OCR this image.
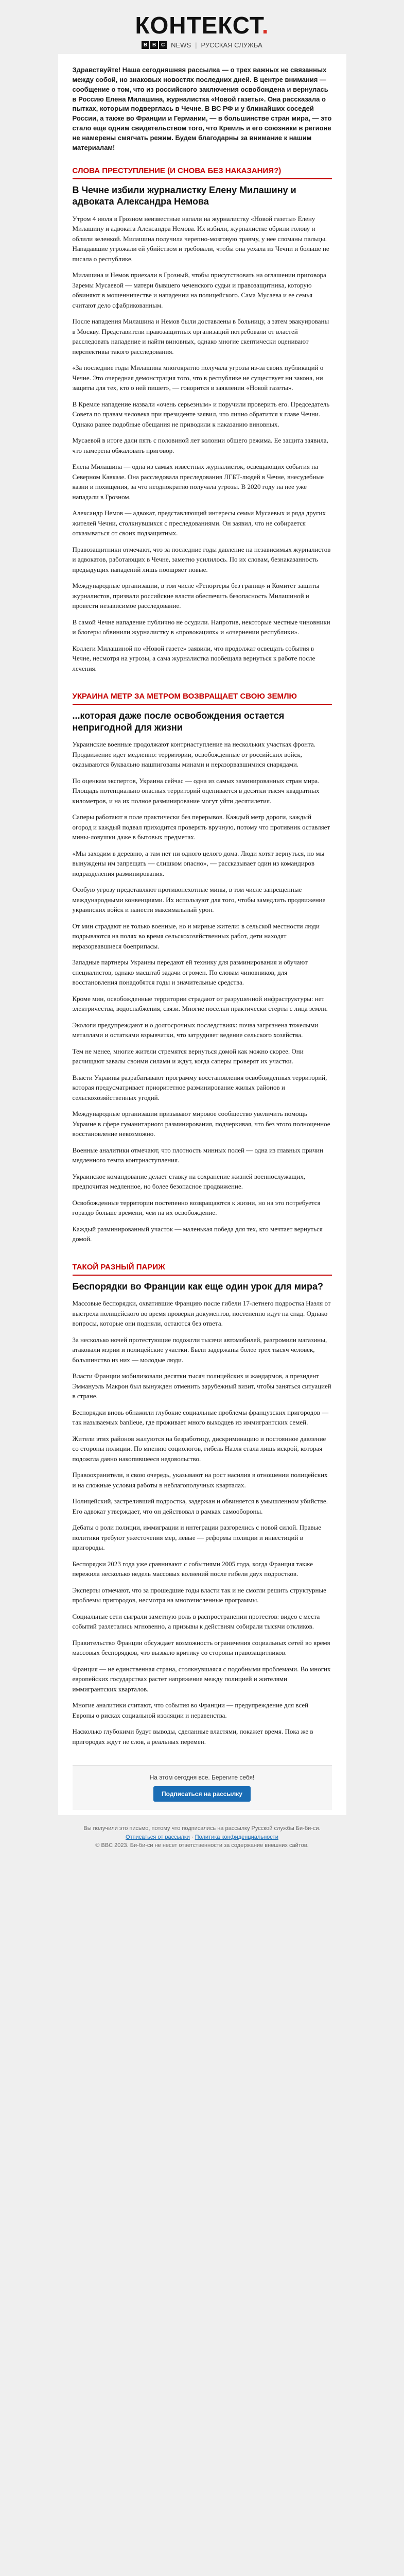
КОНТЕКСТ.
B B C NEWS | РУССКАЯ СЛУЖБА

Здравствуйте! Наша сегодняшняя рассылка — о трех важных не связанных между собой, но знаковых новостях последних дней. В центре внимания — сообщение о том, что из российского заключения освобождена и вернулась в Россию Елена Милашина, журналистка «Новой газеты». Она рассказала о пытках, которым подверглась в Чечне. В ВС РФ и у ближайших соседей России, а также во Франции и Германии, — в большинстве стран мира, — это стало еще одним свидетельством того, что Кремль и его союзники в регионе не намерены смягчать режим. Будем благодарны за внимание к нашим материалам!

СЛОВА ПРЕСТУПЛЕНИЕ (И СНОВА БЕЗ НАКАЗАНИЯ?)
В Чечне избили журналистку Елену Милашину и адвоката Александра Немова

Утром 4 июля в Грозном неизвестные напали на журналистку «Новой газеты» Елену Милашину и адвоката Александра Немова. Их избили, журналистке обрили голову и облили зеленкой. Милашина получила черепно-мозговую травму, у нее сломаны пальцы. Нападавшие угрожали ей убийством и требовали, чтобы она уехала из Чечни и больше не писала о республике.

Милашина и Немов приехали в Грозный, чтобы присутствовать на оглашении приговора Заремы Мусаевой — матери бывшего чеченского судьи и правозащитника, которую обвиняют в мошенничестве и нападении на полицейского. Сама Мусаева и ее семья считают дело сфабрикованным.

После нападения Милашина и Немов были доставлены в больницу, а затем эвакуированы в Москву. Представители правозащитных организаций потребовали от властей расследовать нападение и найти виновных, однако многие скептически оценивают перспективы такого расследования.

«За последние годы Милашина многократно получала угрозы из-за своих публикаций о Чечне. Это очередная демонстрация того, что в республике не существует ни закона, ни защиты для тех, кто о ней пишет», — говорится в заявлении «Новой газеты».

В Кремле нападение назвали «очень серьезным» и поручили проверить его. Председатель Совета по правам человека при президенте заявил, что лично обратится к главе Чечни. Однако ранее подобные обещания не приводили к наказанию виновных.

Мусаевой в итоге дали пять с половиной лет колонии общего режима. Ее защита заявила, что намерена обжаловать приговор.

Елена Милашина — одна из самых известных журналисток, освещающих события на Северном Кавказе. Она расследовала преследования ЛГБТ-людей в Чечне, внесудебные казни и похищения, за что неоднократно получала угрозы. В 2020 году на нее уже нападали в Грозном.

Александр Немов — адвокат, представляющий интересы семьи Мусаевых и ряда других жителей Чечни, столкнувшихся с преследованиями. Он заявил, что не собирается отказываться от своих подзащитных.

Правозащитники отмечают, что за последние годы давление на независимых журналистов и адвокатов, работающих в Чечне, заметно усилилось. По их словам, безнаказанность предыдущих нападений лишь поощряет новые.

Международные организации, в том числе «Репортеры без границ» и Комитет защиты журналистов, призвали российские власти обеспечить безопасность Милашиной и провести независимое расследование.

В самой Чечне нападение публично не осудили. Напротив, некоторые местные чиновники и блогеры обвинили журналистку в «провокациях» и «очернении республики».

Коллеги Милашиной по «Новой газете» заявили, что продолжат освещать события в Чечне, несмотря на угрозы, а сама журналистка пообещала вернуться к работе после лечения.

УКРАИНА МЕТР ЗА МЕТРОМ ВОЗВРАЩАЕТ СВОЮ ЗЕМЛЮ
...которая даже после освобождения остается непригодной для жизни

Украинские военные продолжают контрнаступление на нескольких участках фронта. Продвижение идет медленно: территории, освобожденные от российских войск, оказываются буквально нашпигованы минами и неразорвавшимися снарядами.

По оценкам экспертов, Украина сейчас — одна из самых заминированных стран мира. Площадь потенциально опасных территорий оценивается в десятки тысяч квадратных километров, и на их полное разминирование могут уйти десятилетия.

Саперы работают в поле практически без перерывов. Каждый метр дороги, каждый огород и каждый подвал приходится проверять вручную, потому что противник оставляет мины-ловушки даже в бытовых предметах.

«Мы заходим в деревню, а там нет ни одного целого дома. Люди хотят вернуться, но мы вынуждены им запрещать — слишком опасно», — рассказывает один из командиров подразделения разминирования.

Особую угрозу представляют противопехотные мины, в том числе запрещенные международными конвенциями. Их используют для того, чтобы замедлить продвижение украинских войск и нанести максимальный урон.

От мин страдают не только военные, но и мирные жители: в сельской местности люди подрываются на полях во время сельскохозяйственных работ, дети находят неразорвавшиеся боеприпасы.

Западные партнеры Украины передают ей технику для разминирования и обучают специалистов, однако масштаб задачи огромен. По словам чиновников, для восстановления понадобятся годы и значительные средства.

Кроме мин, освобожденные территории страдают от разрушенной инфраструктуры: нет электричества, водоснабжения, связи. Многие поселки практически стерты с лица земли.

Экологи предупреждают и о долгосрочных последствиях: почва загрязнена тяжелыми металлами и остатками взрывчатки, что затрудняет ведение сельского хозяйства.

Тем не менее, многие жители стремятся вернуться домой как можно скорее. Они расчищают завалы своими силами и ждут, когда саперы проверят их участки.

Власти Украины разрабатывают программу восстановления освобожденных территорий, которая предусматривает приоритетное разминирование жилых районов и сельскохозяйственных угодий.

Международные организации призывают мировое сообщество увеличить помощь Украине в сфере гуманитарного разминирования, подчеркивая, что без этого полноценное восстановление невозможно.

Военные аналитики отмечают, что плотность минных полей — одна из главных причин медленного темпа контрнаступления.

Украинское командование делает ставку на сохранение жизней военнослужащих, предпочитая медленное, но более безопасное продвижение.

Освобожденные территории постепенно возвращаются к жизни, но на это потребуется гораздо больше времени, чем на их освобождение.

Каждый разминированный участок — маленькая победа для тех, кто мечтает вернуться домой.

ТАКОЙ РАЗНЫЙ ПАРИЖ
Беспорядки во Франции как еще один урок для мира?

Массовые беспорядки, охватившие Францию после гибели 17-летнего подростка Наэля от выстрела полицейского во время проверки документов, постепенно идут на спад. Однако вопросы, которые они подняли, остаются без ответа.

За несколько ночей протестующие подожгли тысячи автомобилей, разгромили магазины, атаковали мэрии и полицейские участки. Были задержаны более трех тысяч человек, большинство из них — молодые люди.

Власти Франции мобилизовали десятки тысяч полицейских и жандармов, а президент Эммануэль Макрон был вынужден отменить зарубежный визит, чтобы заняться ситуацией в стране.

Беспорядки вновь обнажили глубокие социальные проблемы французских пригородов — так называемых banlieue, где проживает много выходцев из иммигрантских семей.

Жители этих районов жалуются на безработицу, дискриминацию и постоянное давление со стороны полиции. По мнению социологов, гибель Наэля стала лишь искрой, которая подожгла давно накопившееся недовольство.

Правоохранители, в свою очередь, указывают на рост насилия в отношении полицейских и на сложные условия работы в неблагополучных кварталах.

Полицейский, застреливший подростка, задержан и обвиняется в умышленном убийстве. Его адвокат утверждает, что он действовал в рамках самообороны.

Дебаты о роли полиции, иммиграции и интеграции разгорелись с новой силой. Правые политики требуют ужесточения мер, левые — реформы полиции и инвестиций в пригороды.

Беспорядки 2023 года уже сравнивают с событиями 2005 года, когда Франция также пережила несколько недель массовых волнений после гибели двух подростков.

Эксперты отмечают, что за прошедшие годы власти так и не смогли решить структурные проблемы пригородов, несмотря на многочисленные программы.

Социальные сети сыграли заметную роль в распространении протестов: видео с места событий разлетались мгновенно, а призывы к действиям собирали тысячи откликов.

Правительство Франции обсуждает возможность ограничения социальных сетей во время массовых беспорядков, что вызвало критику со стороны правозащитников.

Франция — не единственная страна, столкнувшаяся с подобными проблемами. Во многих европейских государствах растет напряжение между полицией и жителями иммигрантских кварталов.

Многие аналитики считают, что события во Франции — предупреждение для всей Европы о рисках социальной изоляции и неравенства.

Насколько глубокими будут выводы, сделанные властями, покажет время. Пока же в пригородах ждут не слов, а реальных перемен.

На этом сегодня все. Берегите себя!
Подписаться на рассылку
Вы получили это письмо, потому что подписались на рассылку Русской службы Би-би-си.
Отписаться от рассылки · Политика конфиденциальности
© BBC 2023. Би-би-си не несет ответственности за содержание внешних сайтов.
